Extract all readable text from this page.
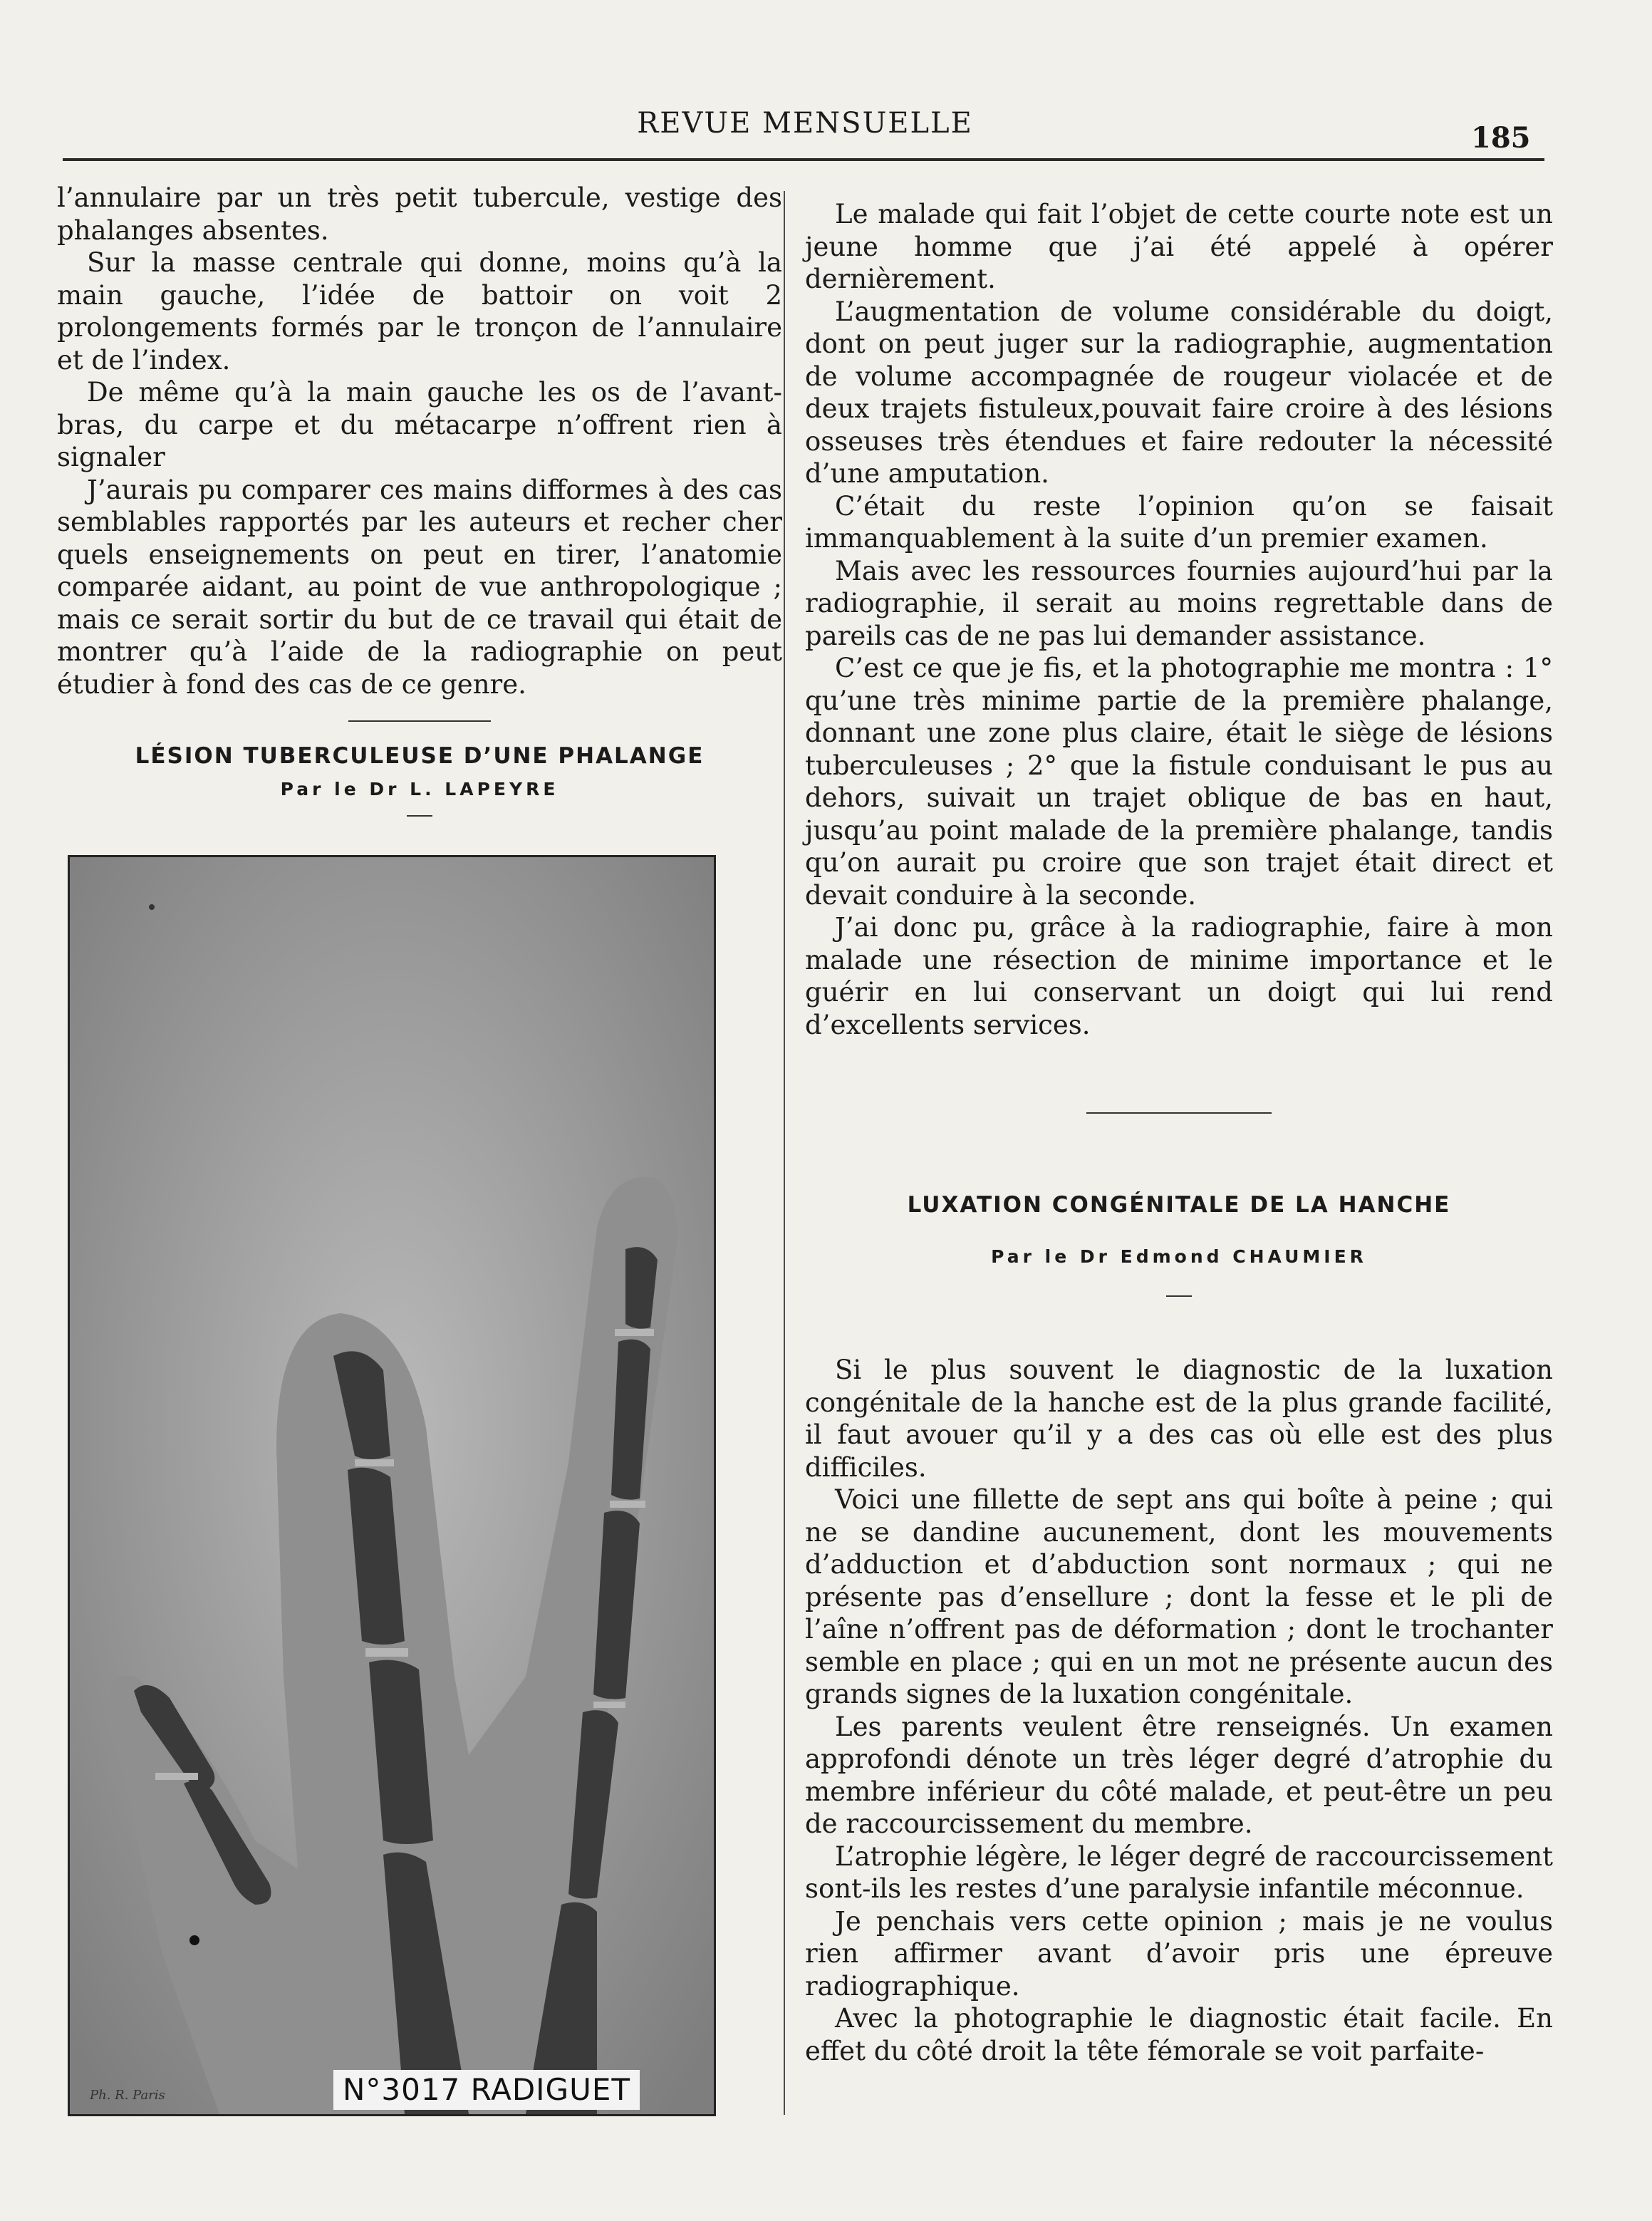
REVUE MENSUELLE	185

l’annulaire par un très petit tubercule, vestige des phalanges absentes.

Sur la masse centrale qui donne, moins qu’à la main gauche, l’idée de battoir on voit 2 prolongements formés par le tronçon de l’annulaire et de l’index.

De même qu’à la main gauche les os de l’avant-bras, du carpe et du métacarpe n’offrent rien à signaler

J’aurais pu comparer ces mains difformes à des cas semblables rapportés par les auteurs et recher cher quels enseignements on peut en tirer, l’anatomie comparée aidant, au point de vue anthropologique ; mais ce serait sortir du but de ce travail qui était de montrer qu’à l’aide de la radiographie on peut étudier à fond des cas de ce genre.

LÉSION TUBERCULEUSE D’UNE PHALANGE

Par le Dr L. LAPEYRE

Ph. R. Paris	N°3017 RADIGUET

Le malade qui fait l’objet de cette courte note est un jeune homme que j’ai été appelé à opérer dernièrement.

L’augmentation de volume considérable du doigt, dont on peut juger sur la radiographie, augmentation de volume accompagnée de rougeur violacée et de deux trajets fistuleux,pouvait faire croire à des lésions osseuses très étendues et faire redouter la nécessité d’une amputation.

C’était du reste l’opinion qu’on se faisait immanquablement à la suite d’un premier examen.

Mais avec les ressources fournies aujourd’hui par la radiographie, il serait au moins regrettable dans de pareils cas de ne pas lui demander assistance.

C’est ce que je fis, et la photographie me montra : 1° qu’une très minime partie de la première phalange, donnant une zone plus claire, était le siège de lésions tuberculeuses ; 2° que la fistule conduisant le pus au dehors, suivait un trajet oblique de bas en haut, jusqu’au point malade de la première phalange, tandis qu’on aurait pu croire que son trajet était direct et devait conduire à la seconde.

J’ai donc pu, grâce à la radiographie, faire à mon malade une résection de minime importance et le guérir en lui conservant un doigt qui lui rend d’excellents services.

LUXATION CONGÉNITALE DE LA HANCHE

Par le Dr Edmond CHAUMIER

Si le plus souvent le diagnostic de la luxation congénitale de la hanche est de la plus grande facilité, il faut avouer qu’il y a des cas où elle est des plus difficiles.

Voici une fillette de sept ans qui boîte à peine ; qui ne se dandine aucunement, dont les mouvements d’adduction et d’abduction sont normaux ; qui ne présente pas d’ensellure ; dont la fesse et le pli de l’aîne n’offrent pas de déformation ; dont le trochanter semble en place ; qui en un mot ne présente aucun des grands signes de la luxation congénitale.

Les parents veulent être renseignés. Un examen approfondi dénote un très léger degré d’atrophie du membre inférieur du côté malade, et peut-être un peu de raccourcissement du membre.

L’atrophie légère, le léger degré de raccourcissement sont-ils les restes d’une paralysie infantile méconnue.

Je penchais vers cette opinion ; mais je ne voulus rien affirmer avant d’avoir pris une épreuve radiographique.

Avec la photographie le diagnostic était facile. En effet du côté droit la tête fémorale se voit parfaite-
